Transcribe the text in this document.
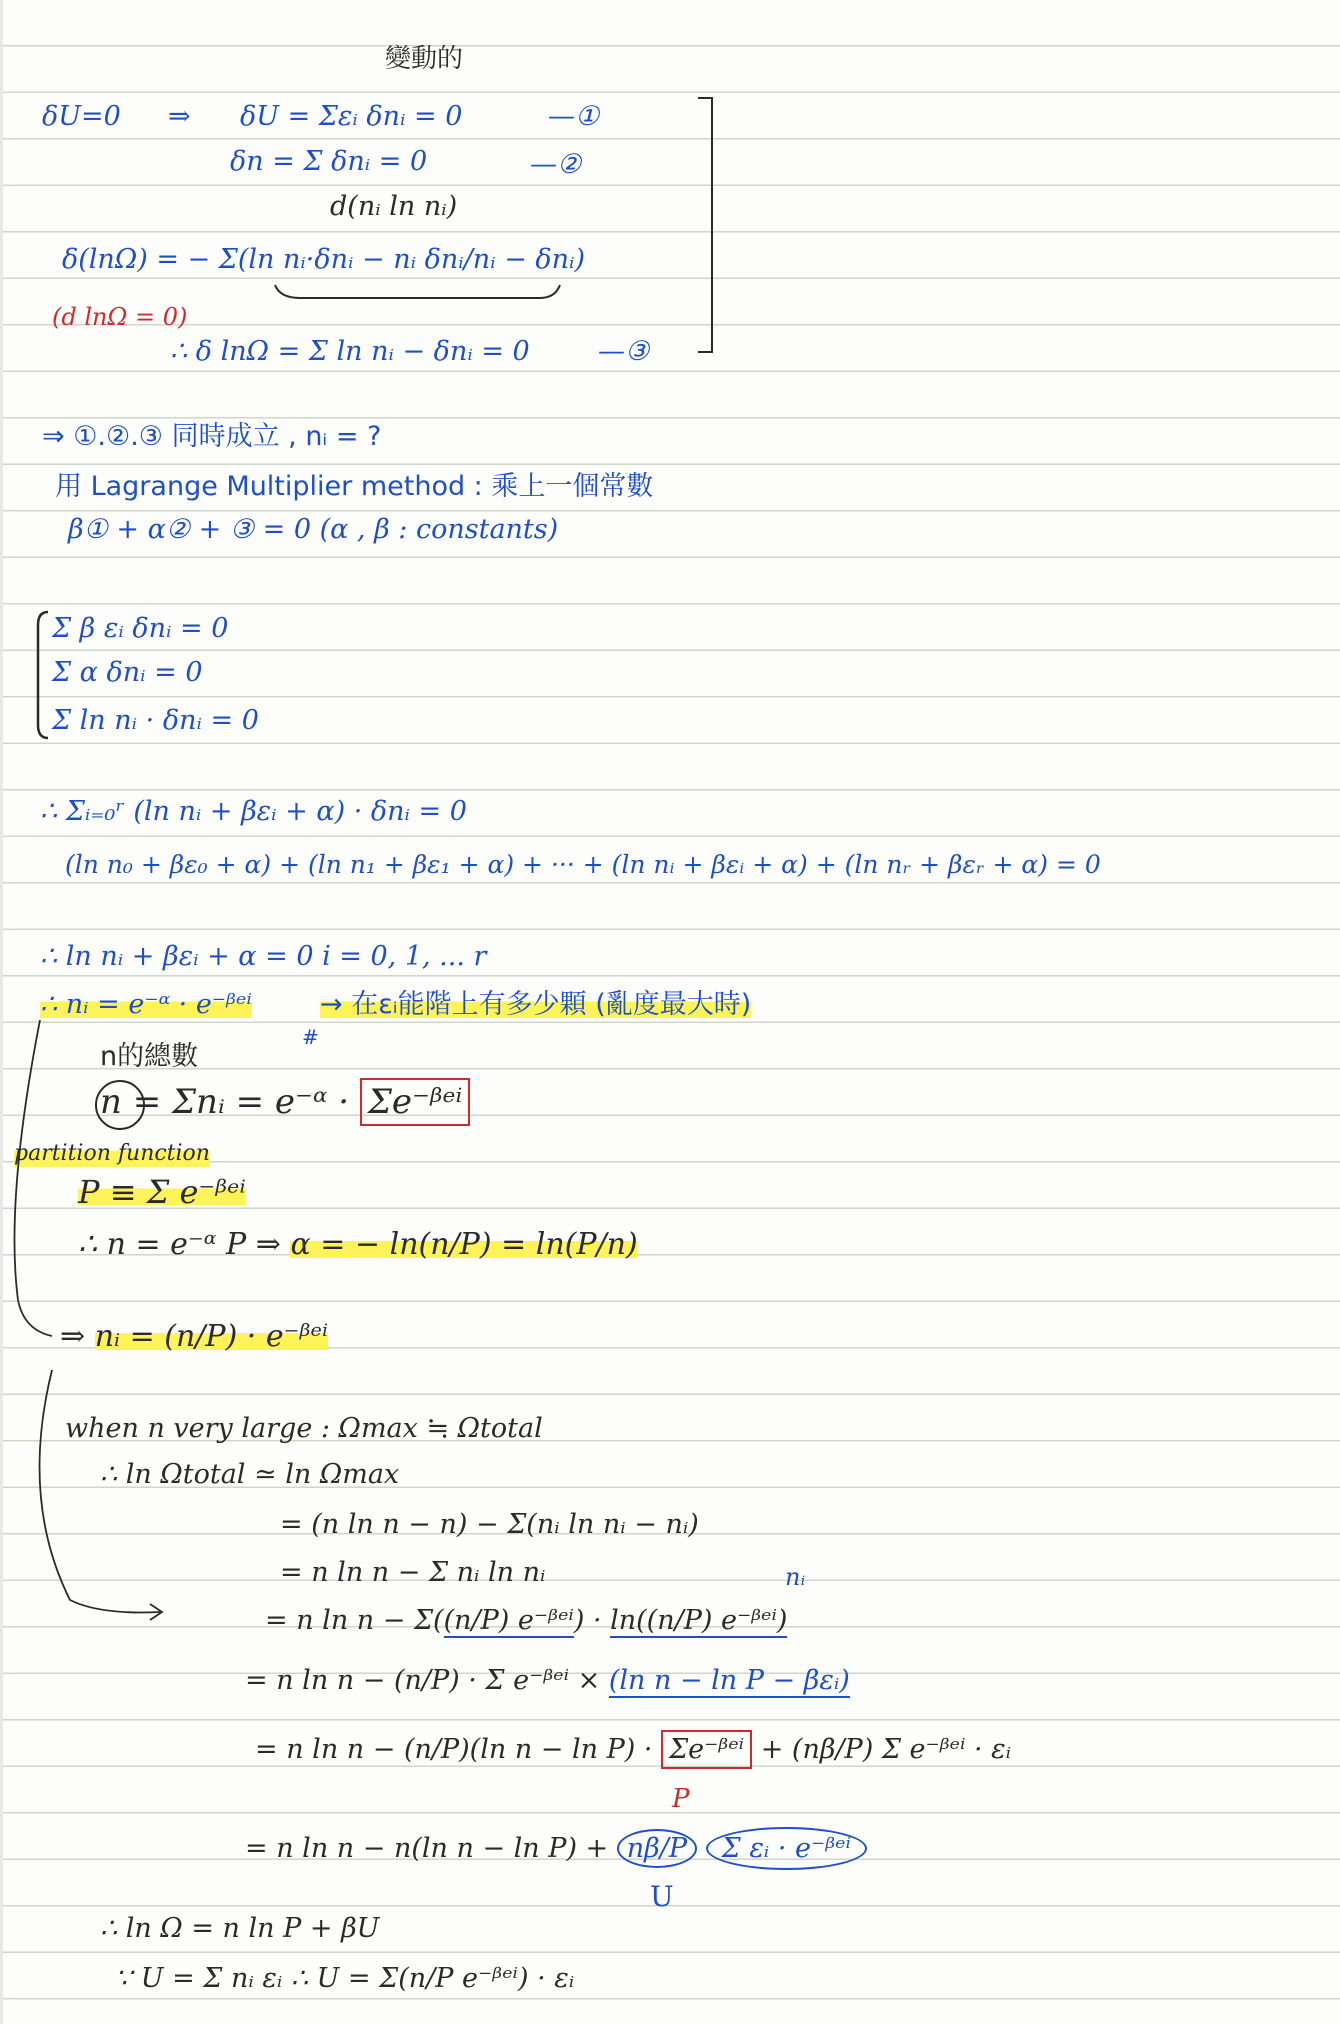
變動的
δU=0 ⇒ δU = Σεᵢ δnᵢ = 0	—①
δn = Σ δnᵢ = 0	—②
d(nᵢ ln nᵢ)
δ(lnΩ) = − Σ(ln nᵢ·δnᵢ − nᵢ δnᵢ/nᵢ − δnᵢ)
(d lnΩ = 0)
∴ δ lnΩ = Σ ln nᵢ − δnᵢ = 0	—③
⇒ ①.②.③ 同時成立 , nᵢ = ?
用 Lagrange Multiplier method : 乘上一個常數
β① + α② + ③ = 0 (α , β : constants)
Σ β εᵢ δnᵢ = 0
Σ α δnᵢ = 0
Σ ln nᵢ · δnᵢ = 0
∴ Σᵢ₌₀ʳ (ln nᵢ + βεᵢ + α) · δnᵢ = 0
(ln n₀ + βε₀ + α) + (ln n₁ + βε₁ + α) + ··· + (ln nᵢ + βεᵢ + α) + (ln nᵣ + βεᵣ + α) = 0
∴ ln nᵢ + βεᵢ + α = 0 i = 0, 1, ... r
∴ nᵢ = e⁻ᵅ · e⁻ᵝᵉⁱ	→ 在εᵢ能階上有多少顆 (亂度最大時)
#
n的總數
n = Σnᵢ = e⁻ᵅ · Σe⁻ᵝᵉⁱ
partition function
P ≡ Σ e⁻ᵝᵉⁱ
∴ n = e⁻ᵅ P ⇒ α = − ln(n/P) = ln(P/n)
⇒ nᵢ = (n/P) · e⁻ᵝᵉⁱ
when n very large : Ωmax ≒ Ωtotal
∴ ln Ωtotal ≃ ln Ωmax
= (n ln n − n) − Σ(nᵢ ln nᵢ − nᵢ)
= n ln n − Σ nᵢ ln nᵢ	nᵢ
= n ln n − Σ((n/P) e⁻ᵝᵉⁱ) · ln((n/P) e⁻ᵝᵉⁱ)
= n ln n − (n/P) · Σ e⁻ᵝᵉⁱ × (ln n − ln P − βεᵢ)
= n ln n − (n/P)(ln n − ln P) · Σe⁻ᵝᵉⁱ + (nβ/P) Σ e⁻ᵝᵉⁱ · εᵢ
P
= n ln n − n(ln n − ln P) + nβ/P Σ εᵢ · e⁻ᵝᵉⁱ
U
∴ ln Ω = n ln P + βU
∵ U = Σ nᵢ εᵢ ∴ U = Σ(n/P e⁻ᵝᵉⁱ) · εᵢ
